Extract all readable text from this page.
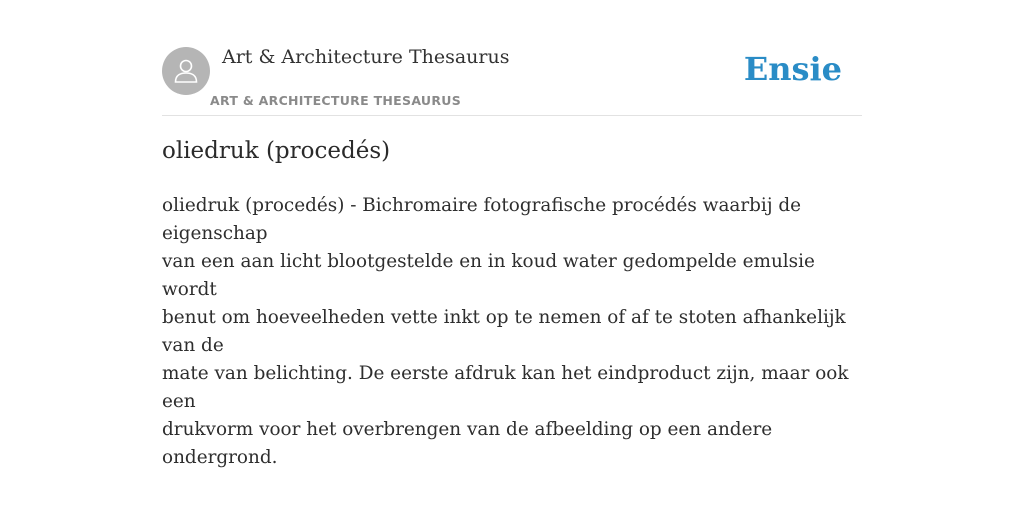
Art & Architecture Thesaurus
ART & ARCHITECTURE THESAURUS
Ensie
oliedruk (procedés)

oliedruk (procedés) - Bichromaire fotografische procédés waarbij de eigenschap
van een aan licht blootgestelde en in koud water gedompelde emulsie wordt
benut om hoeveelheden vette inkt op te nemen of af te stoten afhankelijk van de
mate van belichting. De eerste afdruk kan het eindproduct zijn, maar ook een
drukvorm voor het overbrengen van de afbeelding op een andere ondergrond.
